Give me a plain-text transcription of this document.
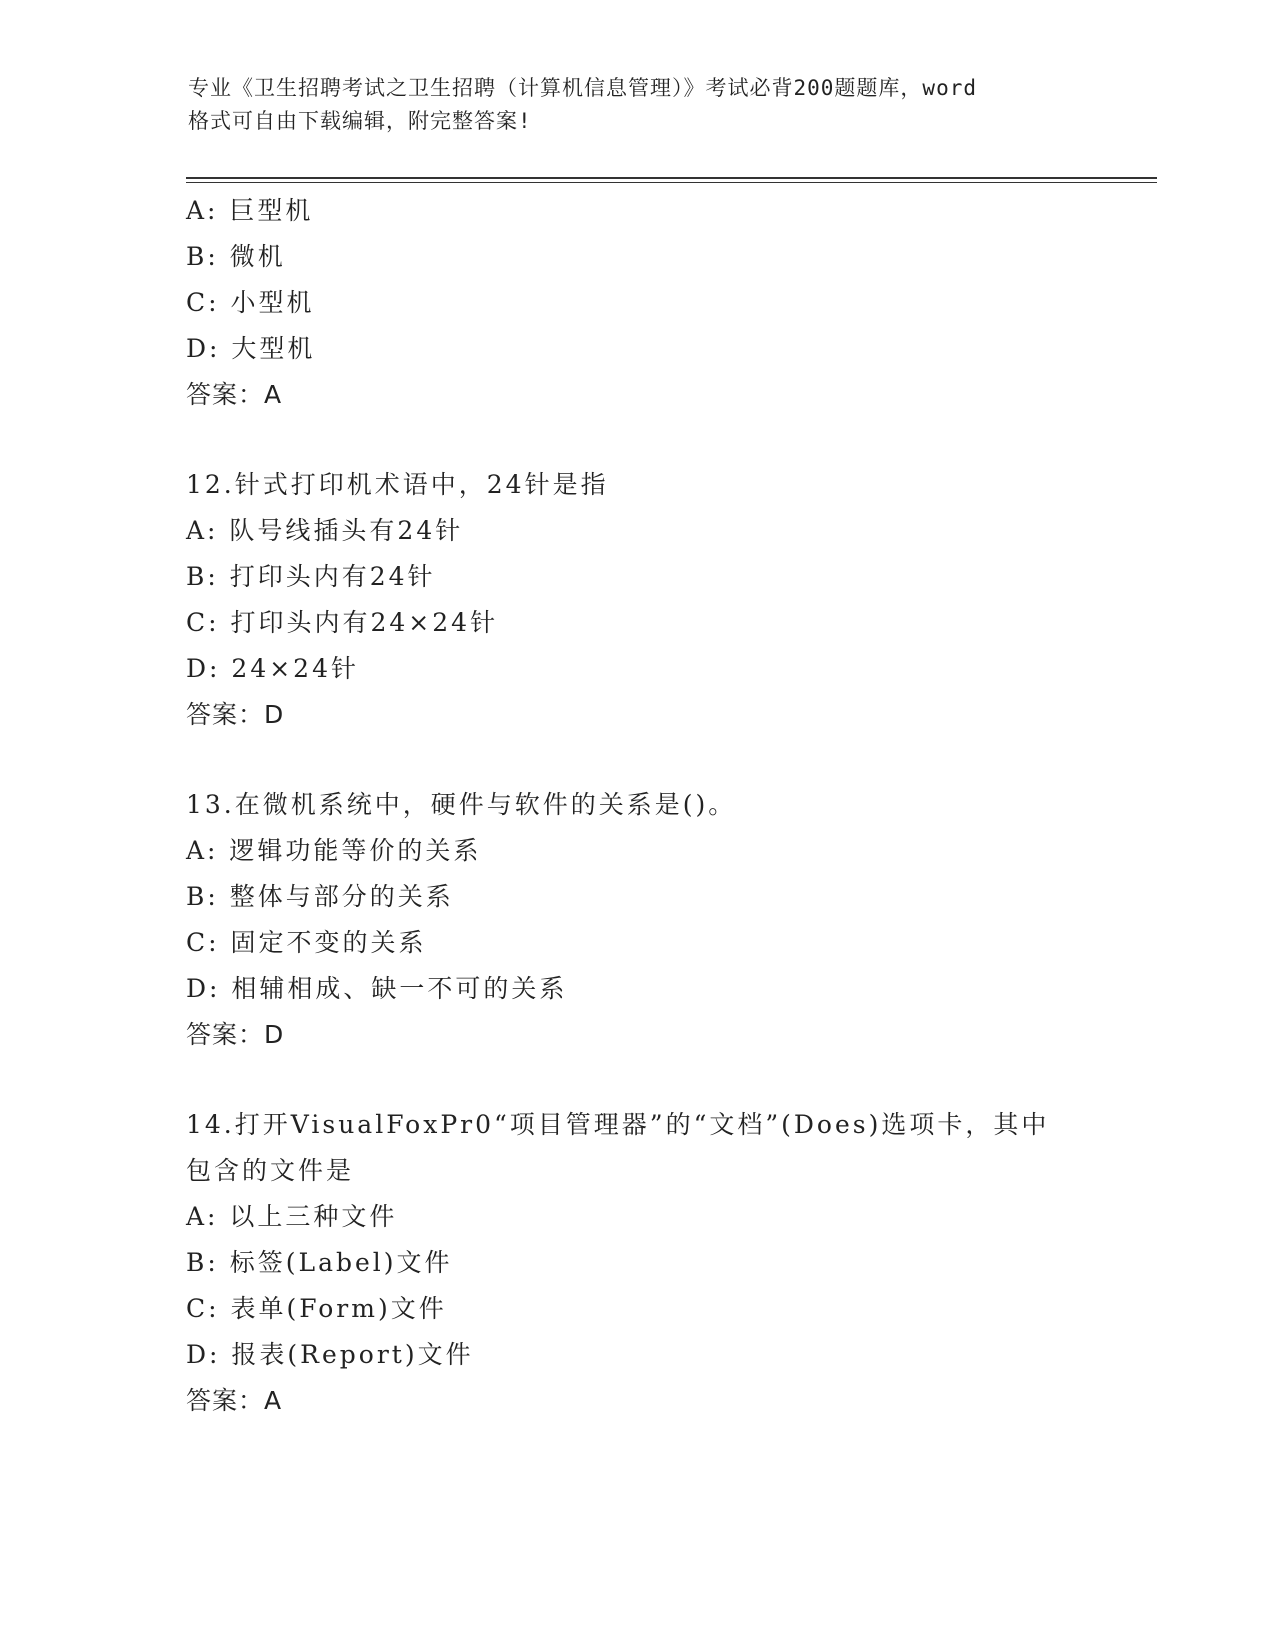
专业《卫生招聘考试之卫生招聘（计算机信息管理）》考试必背200题题库，word
格式可自由下载编辑，附完整答案!
A: 巨型机
B: 微机
C: 小型机
D: 大型机
答案：A
12.针式打印机术语中，24针是指
A: 队号线插头有24针
B: 打印头内有24针
C: 打印头内有24×24针
D: 24×24针
答案：D
13.在微机系统中，硬件与软件的关系是()。
A: 逻辑功能等价的关系
B: 整体与部分的关系
C: 固定不变的关系
D: 相辅相成、缺一不可的关系
答案：D
14.打开VisualFoxPr0“项目管理器”的“文档”(Does)选项卡，其中
包含的文件是
A: 以上三种文件
B: 标签(Label)文件
C: 表单(Form)文件
D: 报表(Report)文件
答案：A
